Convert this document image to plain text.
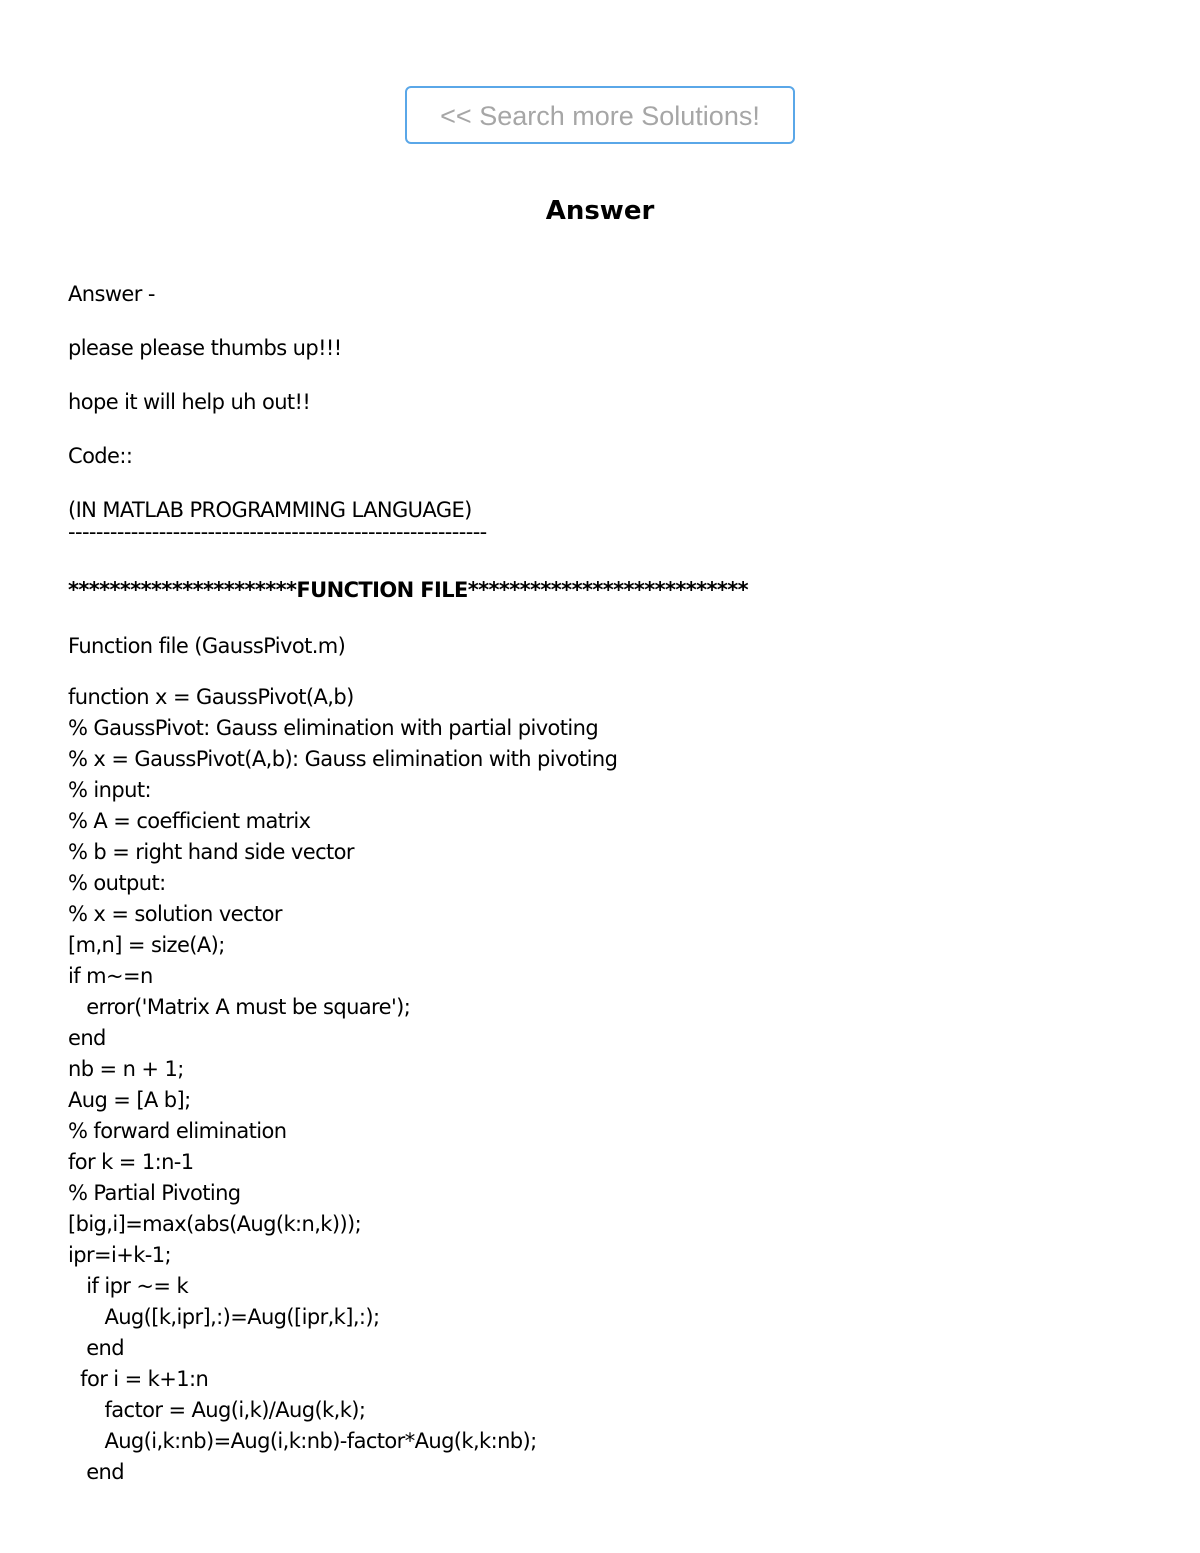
<< Search more Solutions!
Answer

Answer -

please please thumbs up!!!

hope it will help uh out!!

Code::

(IN MATLAB PROGRAMMING LANGUAGE)

------------------------------------------------------------

**********************FUNCTION FILE***************************

Function file (GaussPivot.m)

function x = GaussPivot(A,b)
% GaussPivot: Gauss elimination with partial pivoting
% x = GaussPivot(A,b): Gauss elimination with pivoting
% input:
% A = coefficient matrix
% b = right hand side vector
% output:
% x = solution vector
[m,n] = size(A);
if m~=n
error('Matrix A must be square');
end
nb = n + 1;
Aug = [A b];
% forward elimination
for k = 1:n-1
% Partial Pivoting
[big,i]=max(abs(Aug(k:n,k)));
ipr=i+k-1;
if ipr ~= k
Aug([k,ipr],:)=Aug([ipr,k],:);
end
for i = k+1:n
factor = Aug(i,k)/Aug(k,k);
Aug(i,k:nb)=Aug(i,k:nb)-factor*Aug(k,k:nb);
end
